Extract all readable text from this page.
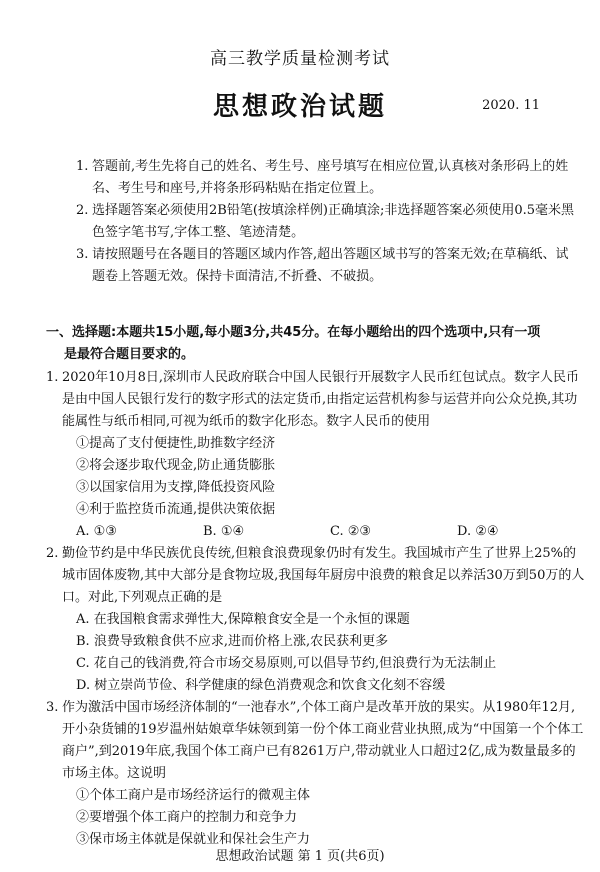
高三教学质量检测考试
思想政治试题	2020. 11
1. 答题前,考生先将自己的姓名、考生号、座号填写在相应位置,认真核对条形码上的姓名、考生号和座号,并将条形码粘贴在指定位置上。
2. 选择题答案必须使用2B铅笔(按填涂样例)正确填涂;非选择题答案必须使用0.5毫米黑色签字笔书写,字体工整、笔迹清楚。
3. 请按照题号在各题目的答题区域内作答,超出答题区域书写的答案无效;在草稿纸、试题卷上答题无效。保持卡面清洁,不折叠、不破损。
一、选择题:本题共15小题,每小题3分,共45分。在每小题给出的四个选项中,只有一项
是最符合题目要求的。
1. 2020年10月8日,深圳市人民政府联合中国人民银行开展数字人民币红包试点。数字人民币是由中国人民银行发行的数字形式的法定货币,由指定运营机构参与运营并向公众兑换,其功能属性与纸币相同,可视为纸币的数字化形态。数字人民币的使用
①提高了支付便捷性,助推数字经济
②将会逐步取代现金,防止通货膨胀
③以国家信用为支撑,降低投资风险
④利于监控货币流通,提供决策依据
A. ①③	B. ①④	C. ②③	D. ②④
2. 勤俭节约是中华民族优良传统,但粮食浪费现象仍时有发生。我国城市产生了世界上25%的城市固体废物,其中大部分是食物垃圾,我国每年厨房中浪费的粮食足以养活30万到50万的人口。对此,下列观点正确的是
A. 在我国粮食需求弹性大,保障粮食安全是一个永恒的课题
B. 浪费导致粮食供不应求,进而价格上涨,农民获利更多
C. 花自己的钱消费,符合市场交易原则,可以倡导节约,但浪费行为无法制止
D. 树立崇尚节俭、科学健康的绿色消费观念和饮食文化刻不容缓
3. 作为激活中国市场经济体制的“一池春水”,个体工商户是改革开放的果实。从1980年12月,开小杂货铺的19岁温州姑娘章华妹领到第一份个体工商业营业执照,成为“中国第一个个体工商户”,到2019年底,我国个体工商户已有8261万户,带动就业人口超过2亿,成为数量最多的市场主体。这说明
①个体工商户是市场经济运行的微观主体
②要增强个体工商户的控制力和竞争力
③保市场主体就是保就业和保社会生产力
思想政治试题 第 1 页(共6页)
